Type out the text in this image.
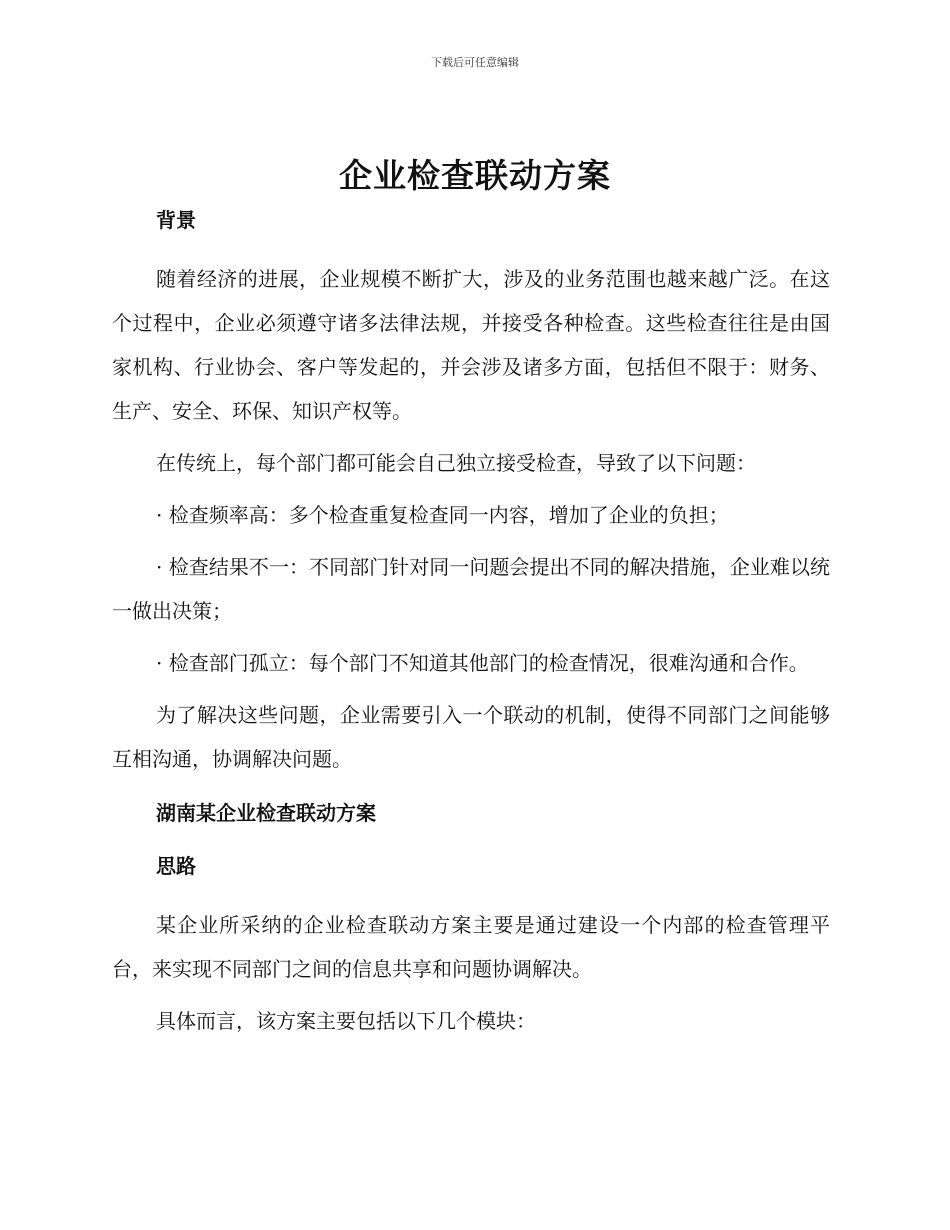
下载后可任意编辑
企业检查联动方案

背景

随着经济的进展，企业规模不断扩大，涉及的业务范围也越来越广泛。在这个过程中，企业必须遵守诸多法律法规，并接受各种检查。这些检查往往是由国家机构、行业协会、客户等发起的，并会涉及诸多方面，包括但不限于：财务、生产、安全、环保、知识产权等。

在传统上，每个部门都可能会自己独立接受检查，导致了以下问题：

· 检查频率高：多个检查重复检查同一内容，增加了企业的负担；

· 检查结果不一：不同部门针对同一问题会提出不同的解决措施，企业难以统一做出决策；

· 检查部门孤立：每个部门不知道其他部门的检查情况，很难沟通和合作。

为了解决这些问题，企业需要引入一个联动的机制，使得不同部门之间能够互相沟通，协调解决问题。

湖南某企业检查联动方案

思路

某企业所采纳的企业检查联动方案主要是通过建设一个内部的检查管理平台，来实现不同部门之间的信息共享和问题协调解决。

具体而言，该方案主要包括以下几个模块：
